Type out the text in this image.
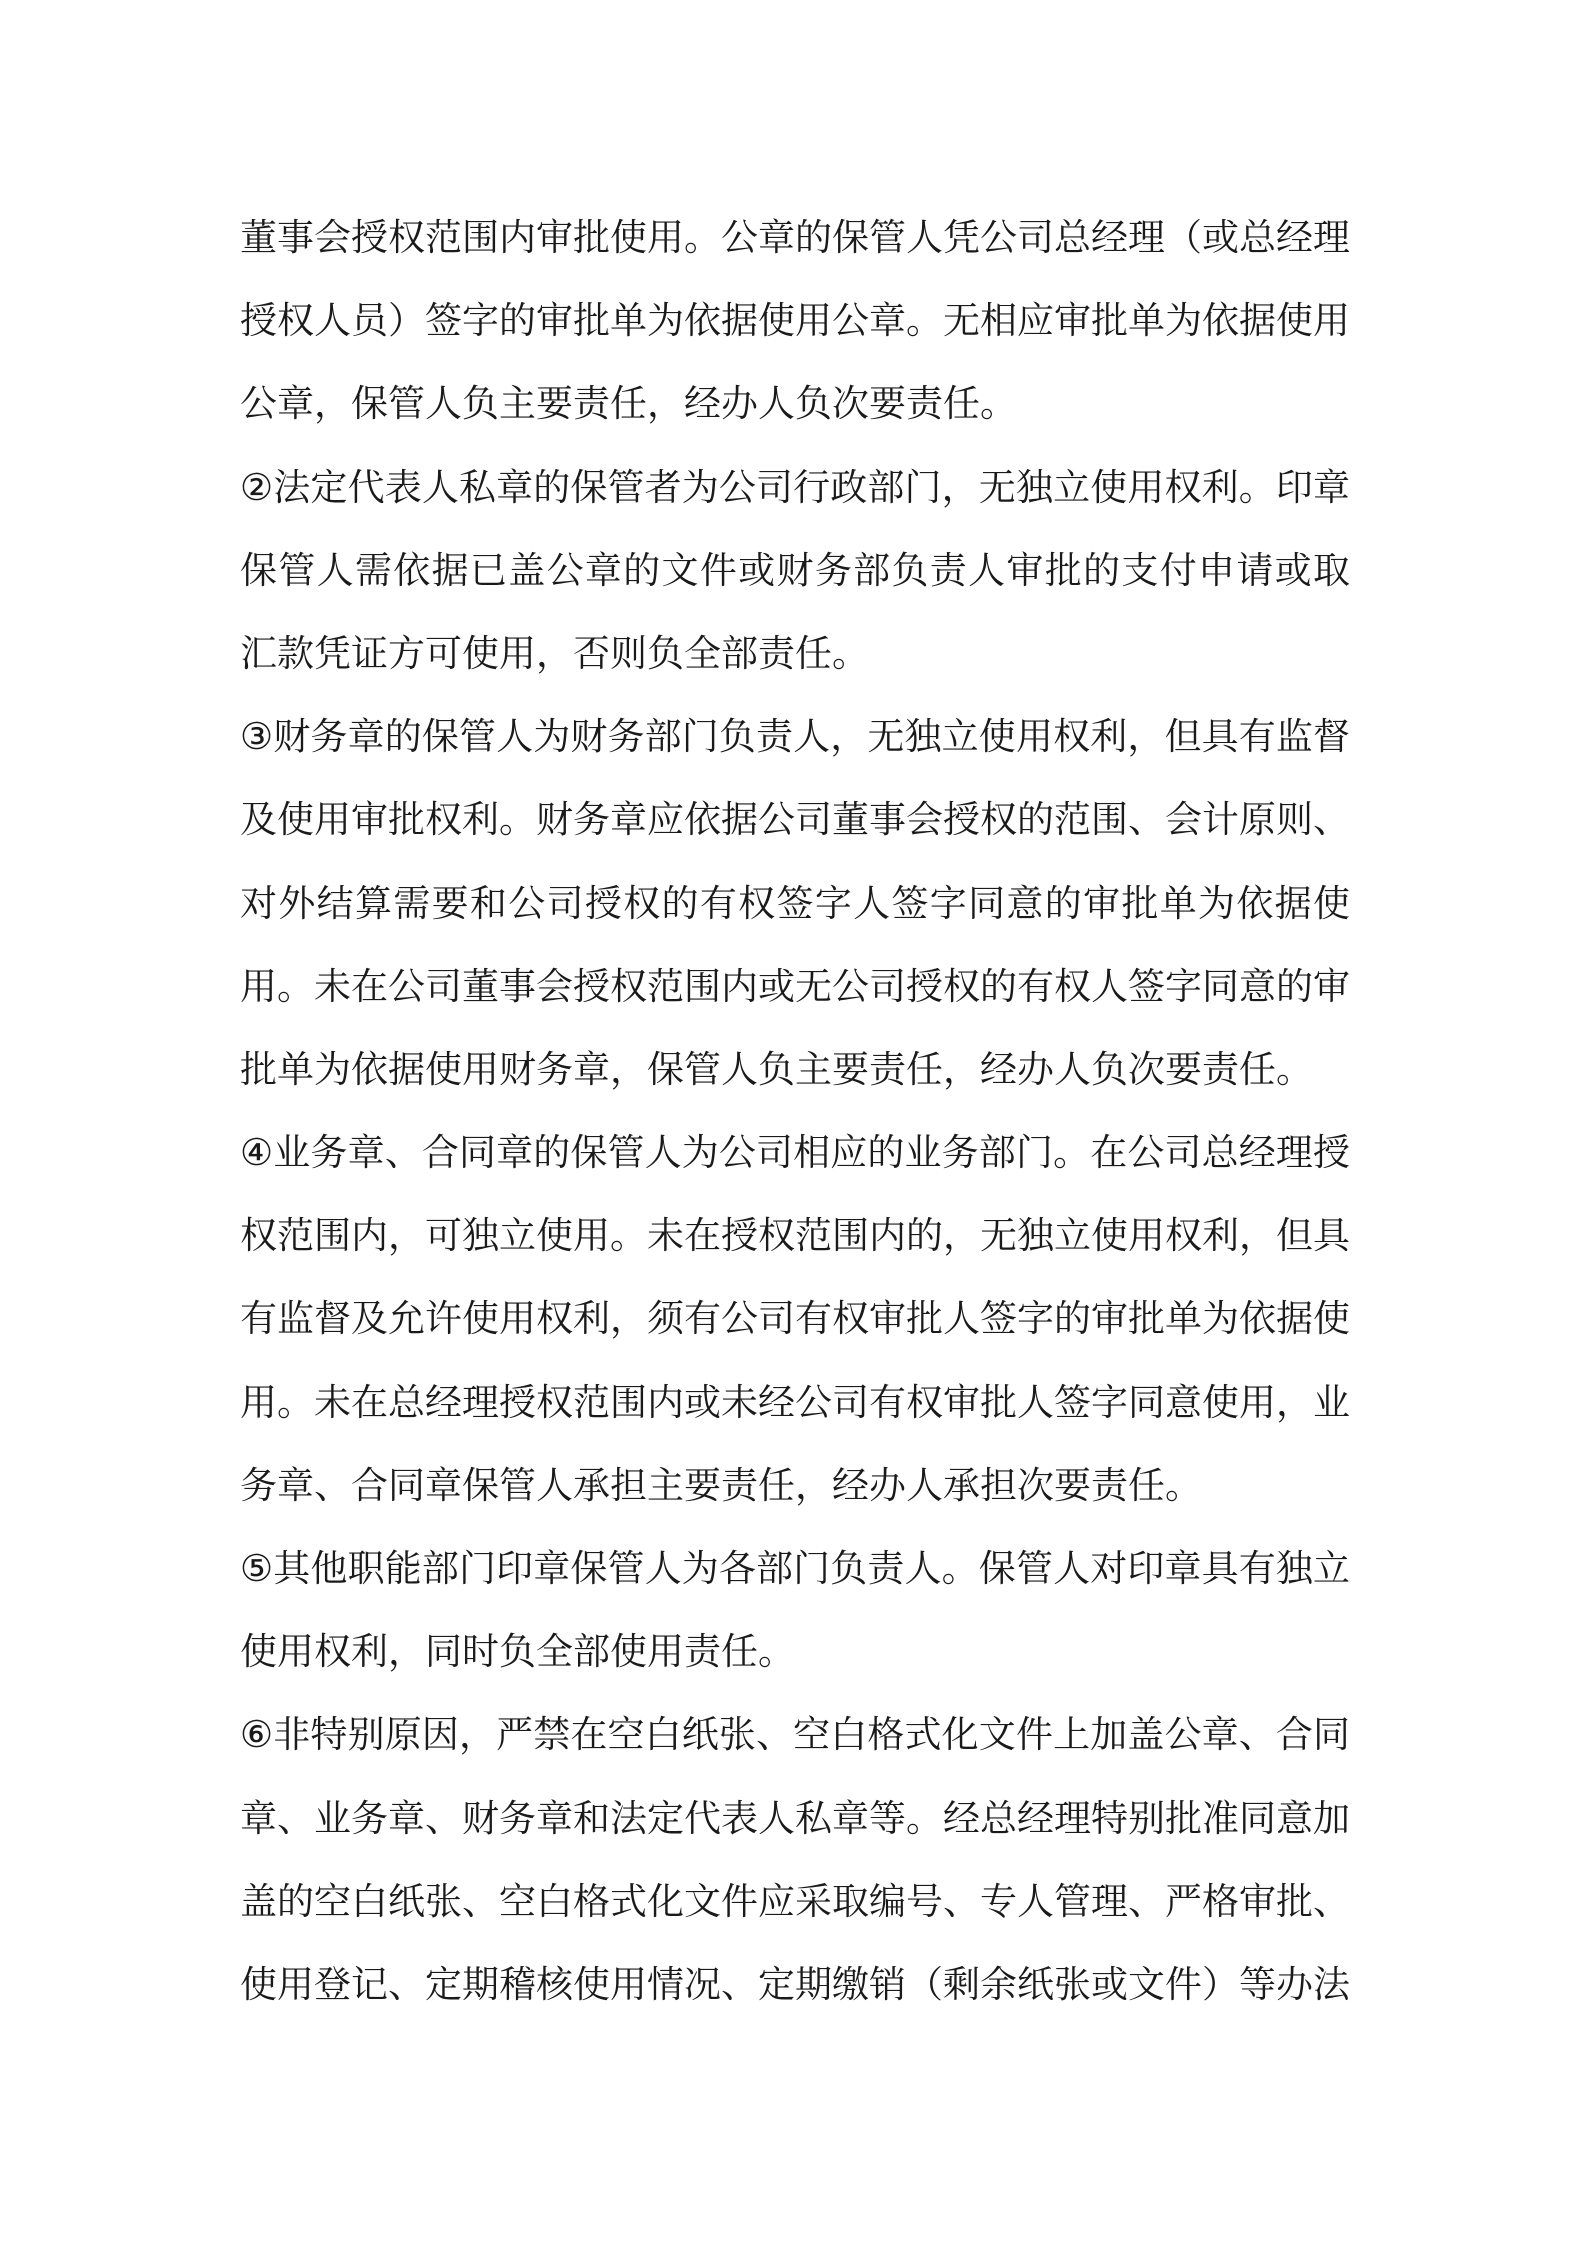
董事会授权范围内审批使用。公章的保管人凭公司总经理（或总经理
授权人员）签字的审批单为依据使用公章。无相应审批单为依据使用
公章，保管人负主要责任，经办人负次要责任。
②法定代表人私章的保管者为公司行政部门，无独立使用权利。印章
保管人需依据已盖公章的文件或财务部负责人审批的支付申请或取
汇款凭证方可使用，否则负全部责任。
③财务章的保管人为财务部门负责人，无独立使用权利，但具有监督
及使用审批权利。财务章应依据公司董事会授权的范围、会计原则、
对外结算需要和公司授权的有权签字人签字同意的审批单为依据使
用。未在公司董事会授权范围内或无公司授权的有权人签字同意的审
批单为依据使用财务章，保管人负主要责任，经办人负次要责任。
④业务章、合同章的保管人为公司相应的业务部门。在公司总经理授
权范围内，可独立使用。未在授权范围内的，无独立使用权利，但具
有监督及允许使用权利，须有公司有权审批人签字的审批单为依据使
用。未在总经理授权范围内或未经公司有权审批人签字同意使用，业
务章、合同章保管人承担主要责任，经办人承担次要责任。
⑤其他职能部门印章保管人为各部门负责人。保管人对印章具有独立
使用权利，同时负全部使用责任。
⑥非特别原因，严禁在空白纸张、空白格式化文件上加盖公章、合同
章、业务章、财务章和法定代表人私章等。经总经理特别批准同意加
盖的空白纸张、空白格式化文件应采取编号、专人管理、严格审批、
使用登记、定期稽核使用情况、定期缴销（剩余纸张或文件）等办法
